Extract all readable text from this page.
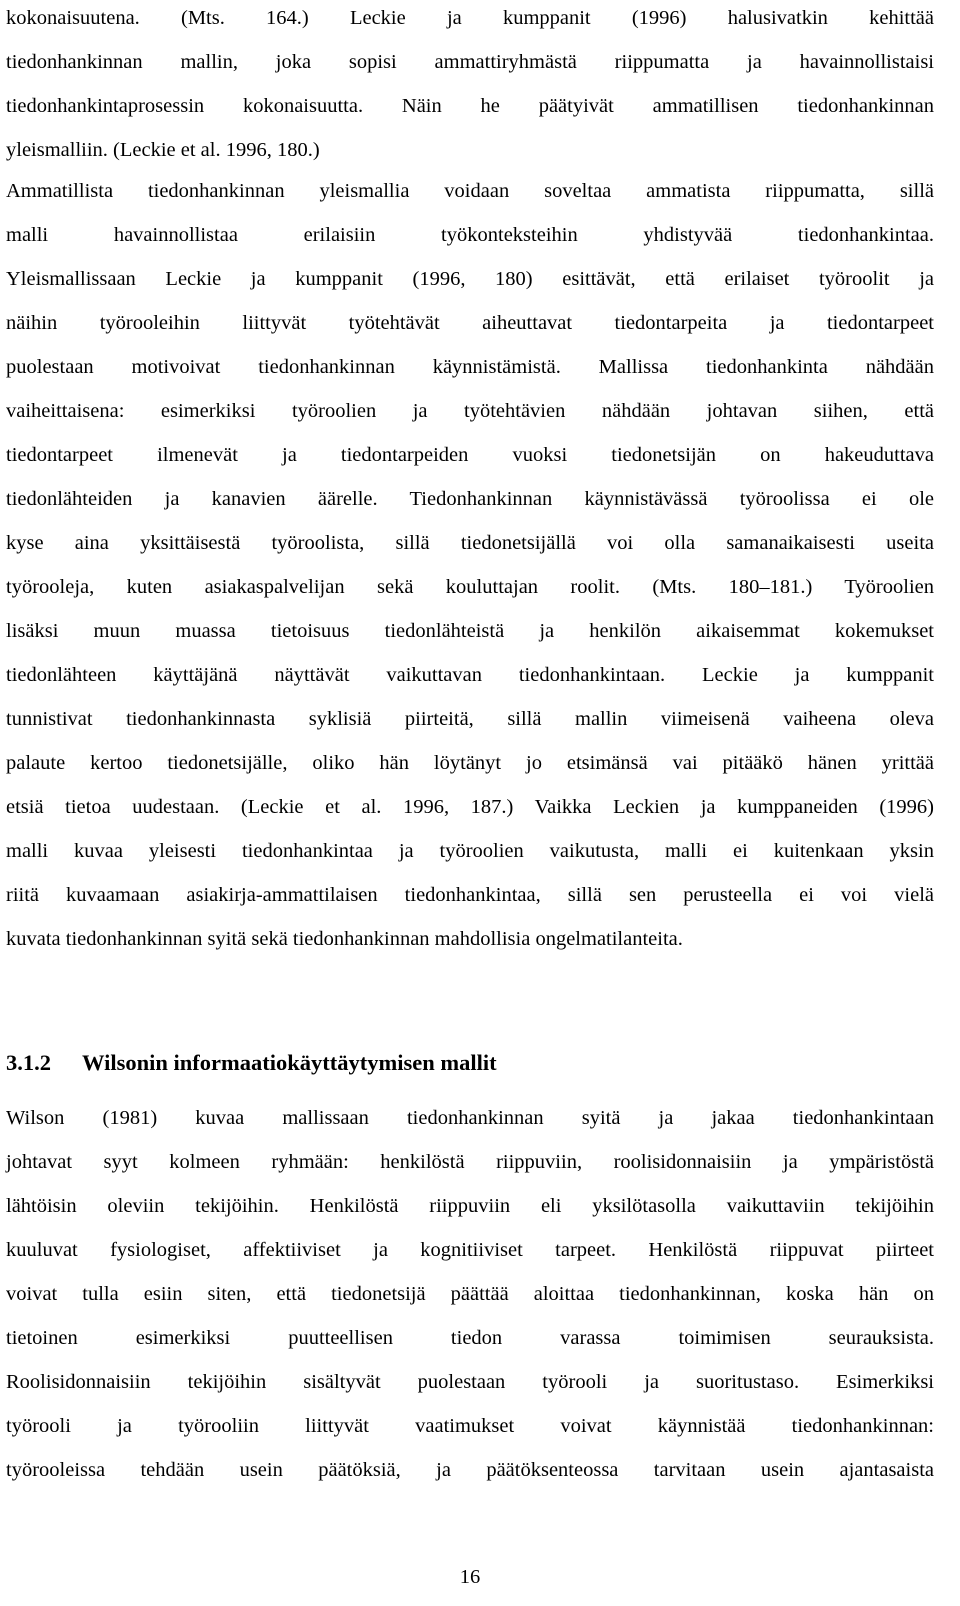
kokonaisuutena. (Mts. 164.) Leckie ja kumppanit (1996) halusivatkin kehittää
tiedonhankinnan mallin, joka sopisi ammattiryhmästä riippumatta ja havainnollistaisi
tiedonhankintaprosessin kokonaisuutta. Näin he päätyivät ammatillisen tiedonhankinnan
yleismalliin. (Leckie et al. 1996, 180.)
Ammatillista tiedonhankinnan yleismallia voidaan soveltaa ammatista riippumatta, sillä
malli havainnollistaa erilaisiin työkonteksteihin yhdistyvää tiedonhankintaa.
Yleismallissaan Leckie ja kumppanit (1996, 180) esittävät, että erilaiset työroolit ja
näihin työrooleihin liittyvät työtehtävät aiheuttavat tiedontarpeita ja tiedontarpeet
puolestaan motivoivat tiedonhankinnan käynnistämistä. Mallissa tiedonhankinta nähdään
vaiheittaisena: esimerkiksi työroolien ja työtehtävien nähdään johtavan siihen, että
tiedontarpeet ilmenevät ja tiedontarpeiden vuoksi tiedonetsijän on hakeuduttava
tiedonlähteiden ja kanavien äärelle. Tiedonhankinnan käynnistävässä työroolissa ei ole
kyse aina yksittäisestä työroolista, sillä tiedonetsijällä voi olla samanaikaisesti useita
työrooleja, kuten asiakaspalvelijan sekä kouluttajan roolit. (Mts. 180–181.) Työroolien
lisäksi muun muassa tietoisuus tiedonlähteistä ja henkilön aikaisemmat kokemukset
tiedonlähteen käyttäjänä näyttävät vaikuttavan tiedonhankintaan. Leckie ja kumppanit
tunnistivat tiedonhankinnasta syklisiä piirteitä, sillä mallin viimeisenä vaiheena oleva
palaute kertoo tiedonetsijälle, oliko hän löytänyt jo etsimänsä vai pitääkö hänen yrittää
etsiä tietoa uudestaan. (Leckie et al. 1996, 187.) Vaikka Leckien ja kumppaneiden (1996)
malli kuvaa yleisesti tiedonhankintaa ja työroolien vaikutusta, malli ei kuitenkaan yksin
riitä kuvaamaan asiakirja-ammattilaisen tiedonhankintaa, sillä sen perusteella ei voi vielä
kuvata tiedonhankinnan syitä sekä tiedonhankinnan mahdollisia ongelmatilanteita.
3.1.2 Wilsonin informaatiokäyttäytymisen mallit
Wilson (1981) kuvaa mallissaan tiedonhankinnan syitä ja jakaa tiedonhankintaan
johtavat syyt kolmeen ryhmään: henkilöstä riippuviin, roolisidonnaisiin ja ympäristöstä
lähtöisin oleviin tekijöihin. Henkilöstä riippuviin eli yksilötasolla vaikuttaviin tekijöihin
kuuluvat fysiologiset, affektiiviset ja kognitiiviset tarpeet. Henkilöstä riippuvat piirteet
voivat tulla esiin siten, että tiedonetsijä päättää aloittaa tiedonhankinnan, koska hän on
tietoinen esimerkiksi puutteellisen tiedon varassa toimimisen seurauksista.
Roolisidonnaisiin tekijöihin sisältyvät puolestaan työrooli ja suoritustaso. Esimerkiksi
työrooli ja työrooliin liittyvät vaatimukset voivat käynnistää tiedonhankinnan:
työrooleissa tehdään usein päätöksiä, ja päätöksenteossa tarvitaan usein ajantasaista
16
